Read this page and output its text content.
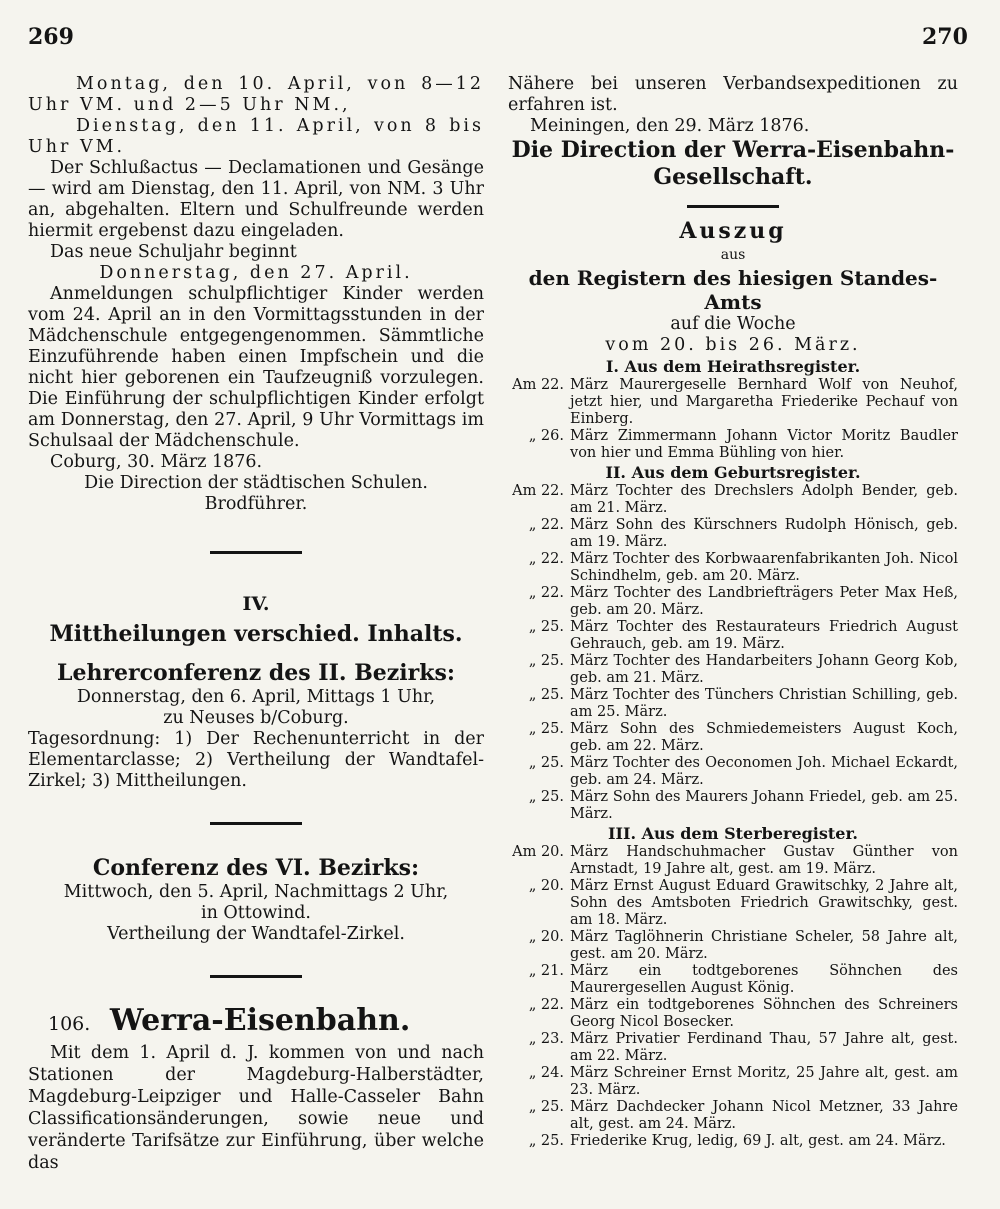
269	270

Montag, den 10. April, von 8—12 Uhr VM. und 2—5 Uhr NM.,

Dienstag, den 11. April, von 8 bis Uhr VM.

Der Schlußactus — Declamationen und Gesänge — wird am Dienstag, den 11. April, von NM. 3 Uhr an, abgehalten. Eltern und Schulfreunde werden hiermit ergebenst dazu eingeladen.

Das neue Schuljahr beginnt

Donnerstag, den 27. April.

Anmeldungen schulpflichtiger Kinder werden vom 24. April an in den Vormittagsstunden in der Mädchenschule entgegengenommen. Sämmtliche Einzuführende haben einen Impfschein und die nicht hier geborenen ein Taufzeugniß vorzulegen. Die Einführung der schulpflichtigen Kinder erfolgt am Donnerstag, den 27. April, 9 Uhr Vormittags im Schulsaal der Mädchenschule.

Coburg, 30. März 1876.

Die Direction der städtischen Schulen.

Brodführer.

IV.

Mittheilungen verschied. Inhalts.

Lehrerconferenz des II. Bezirks:

Donnerstag, den 6. April, Mittags 1 Uhr,

zu Neuses b/Coburg.

Tagesordnung: 1) Der Rechenunterricht in der Elementarclasse; 2) Vertheilung der Wandtafel-Zirkel; 3) Mittheilungen.

Conferenz des VI. Bezirks:

Mittwoch, den 5. April, Nachmittags 2 Uhr,

in Ottowind.

Vertheilung der Wandtafel-Zirkel.

106. Werra-Eisenbahn.

Mit dem 1. April d. J. kommen von und nach Stationen der Magdeburg-Halberstädter, Magdeburg-Leipziger und Halle-Casseler Bahn Classificationsänderungen, sowie neue und veränderte Tarifsätze zur Einführung, über welche das

Nähere bei unseren Verbandsexpeditionen zu erfahren ist.

Meiningen, den 29. März 1876.

Die Direction der Werra-Eisenbahn-Gesellschaft.

Auszug

aus

den Registern des hiesigen Standes-Amts

auf die Woche

vom 20. bis 26. März.

I. Aus dem Heirathsregister.

Am 22. März Maurergeselle Bernhard Wolf von Neuhof, jetzt hier, und Margaretha Friederike Pechauf von Einberg.
„ 26. März Zimmermann Johann Victor Moritz Baudler von hier und Emma Bühling von hier.

II. Aus dem Geburtsregister.

Am 22. März Tochter des Drechslers Adolph Bender, geb. am 21. März.
„ 22. März Sohn des Kürschners Rudolph Hönisch, geb. am 19. März.
„ 22. März Tochter des Korbwaarenfabrikanten Joh. Nicol Schindhelm, geb. am 20. März.
„ 22. März Tochter des Landbriefträgers Peter Max Heß, geb. am 20. März.
„ 25. März Tochter des Restaurateurs Friedrich August Gehrauch, geb. am 19. März.
„ 25. März Tochter des Handarbeiters Johann Georg Kob, geb. am 21. März.
„ 25. März Tochter des Tünchers Christian Schilling, geb. am 25. März.
„ 25. März Sohn des Schmiedemeisters August Koch, geb. am 22. März.
„ 25. März Tochter des Oeconomen Joh. Michael Eckardt, geb. am 24. März.
„ 25. März Sohn des Maurers Johann Friedel, geb. am 25. März.

III. Aus dem Sterberegister.

Am 20. März Handschuhmacher Gustav Günther von Arnstadt, 19 Jahre alt, gest. am 19. März.
„ 20. März Ernst August Eduard Grawitschky, 2 Jahre alt, Sohn des Amtsboten Friedrich Grawitschky, gest. am 18. März.
„ 20. März Taglöhnerin Christiane Scheler, 58 Jahre alt, gest. am 20. März.
„ 21. März ein todtgeborenes Söhnchen des Maurergesellen August König.
„ 22. März ein todtgeborenes Söhnchen des Schreiners Georg Nicol Bosecker.
„ 23. März Privatier Ferdinand Thau, 57 Jahre alt, gest. am 22. März.
„ 24. März Schreiner Ernst Moritz, 25 Jahre alt, gest. am 23. März.
„ 25. März Dachdecker Johann Nicol Metzner, 33 Jahre alt, gest. am 24. März.
„ 25. Friederike Krug, ledig, 69 J. alt, gest. am 24. März.
